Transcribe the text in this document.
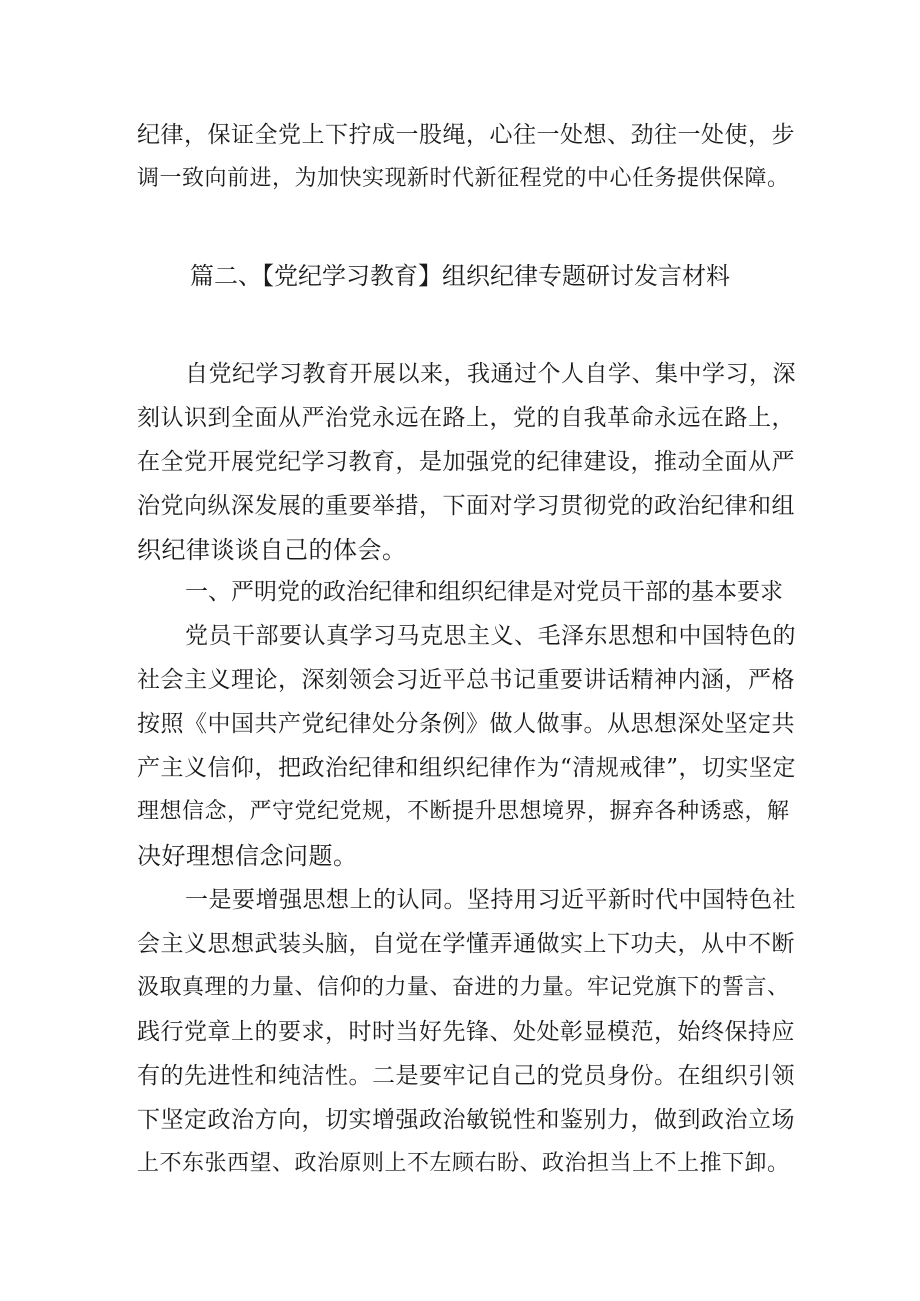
纪律，保证全党上下拧成一股绳，心往一处想、劲往一处使，步
调一致向前进，为加快实现新时代新征程党的中心任务提供保障。
篇二、【党纪学习教育】组织纪律专题研讨发言材料
自党纪学习教育开展以来，我通过个人自学、集中学习，深
刻认识到全面从严治党永远在路上，党的自我革命永远在路上，
在全党开展党纪学习教育，是加强党的纪律建设，推动全面从严
治党向纵深发展的重要举措，下面对学习贯彻党的政治纪律和组
织纪律谈谈自己的体会。
一、严明党的政治纪律和组织纪律是对党员干部的基本要求
党员干部要认真学习马克思主义、毛泽东思想和中国特色的
社会主义理论，深刻领会习近平总书记重要讲话精神内涵，严格
按照《中国共产党纪律处分条例》做人做事。从思想深处坚定共
产主义信仰，把政治纪律和组织纪律作为“清规戒律”，切实坚定
理想信念，严守党纪党规，不断提升思想境界，摒弃各种诱惑，解
决好理想信念问题。
一是要增强思想上的认同。坚持用习近平新时代中国特色社
会主义思想武装头脑，自觉在学懂弄通做实上下功夫，从中不断
汲取真理的力量、信仰的力量、奋进的力量。牢记党旗下的誓言、
践行党章上的要求，时时当好先锋、处处彰显模范，始终保持应
有的先进性和纯洁性。二是要牢记自己的党员身份。在组织引领
下坚定政治方向，切实增强政治敏锐性和鉴别力，做到政治立场
上不东张西望、政治原则上不左顾右盼、政治担当上不上推下卸。
